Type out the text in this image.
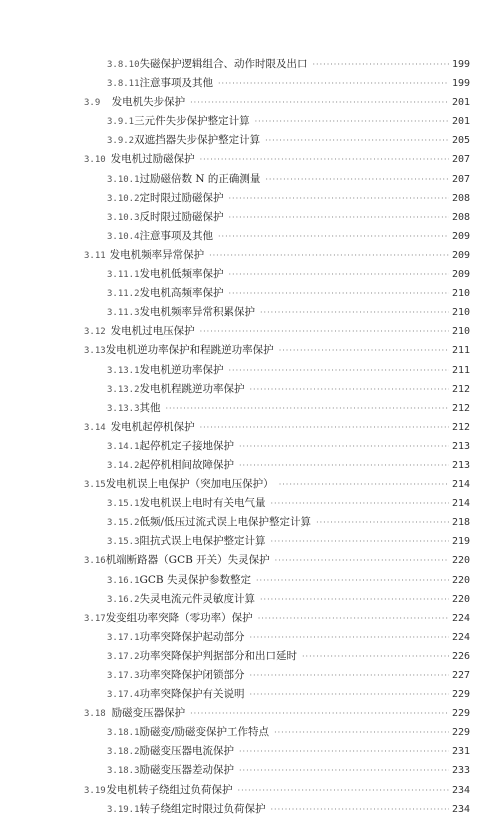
3.8.10 失磁保护逻辑组合、动作时限及出口 ·····	199
3.8.11 注意事项及其他 ·····	199
3.9	发电机失步保护 ·····	201
3.9.1 三元件失步保护整定计算 ·····	201
3.9.2 双遮挡器失步保护整定计算 ·····	205
3.10 发电机过励磁保护 ·····	207
3.10.1 过励磁倍数 N 的正确测量 ·····	207
3.10.2 定时限过励磁保护 ·····	208
3.10.3 反时限过励磁保护 ·····	208
3.10.4 注意事项及其他 ·····	209
3.11 发电机频率异常保护 ·····	209
3.11.1 发电机低频率保护 ·····	209
3.11.2 发电机高频率保护 ·····	210
3.11.3 发电机频率异常积累保护 ·····	210
3.12 发电机过电压保护 ·····	210
3.13 发电机逆功率保护和程跳逆功率保护 ·····	211
3.13.1 发电机逆功率保护 ·····	211
3.13.2 发电机程跳逆功率保护 ·····	212
3.13.3 其他 ·····	212
3.14 发电机起停机保护 ·····	212
3.14.1 起停机定子接地保护 ·····	213
3.14.2 起停机相间故障保护 ·····	213
3.15 发电机误上电保护（突加电压保护） ·····	214
3.15.1 发电机误上电时有关电气量 ·····	214
3.15.2 低频/低压过流式误上电保护整定计算 ·····	218
3.15.3 阻抗式误上电保护整定计算 ·····	219
3.16 机端断路器（GCB 开关）失灵保护 ·····	220
3.16.1 GCB 失灵保护参数整定 ·····	220
3.16.2 失灵电流元件灵敏度计算 ·····	220
3.17 发变组功率突降（零功率）保护 ·····	224
3.17.1 功率突降保护起动部分 ·····	224
3.17.2 功率突降保护判据部分和出口延时 ·····	226
3.17.3 功率突降保护闭锁部分 ·····	227
3.17.4 功率突降保护有关说明 ·····	229
3.18 励磁变压器保护 ·····	229
3.18.1 励磁变/励磁变保护工作特点 ·····	229
3.18.2 励磁变压器电流保护 ·····	231
3.18.3 励磁变压器差动保护 ·····	233
3.19 发电机转子绕组过负荷保护 ·····	234
3.19.1 转子绕组定时限过负荷保护 ·····	234
